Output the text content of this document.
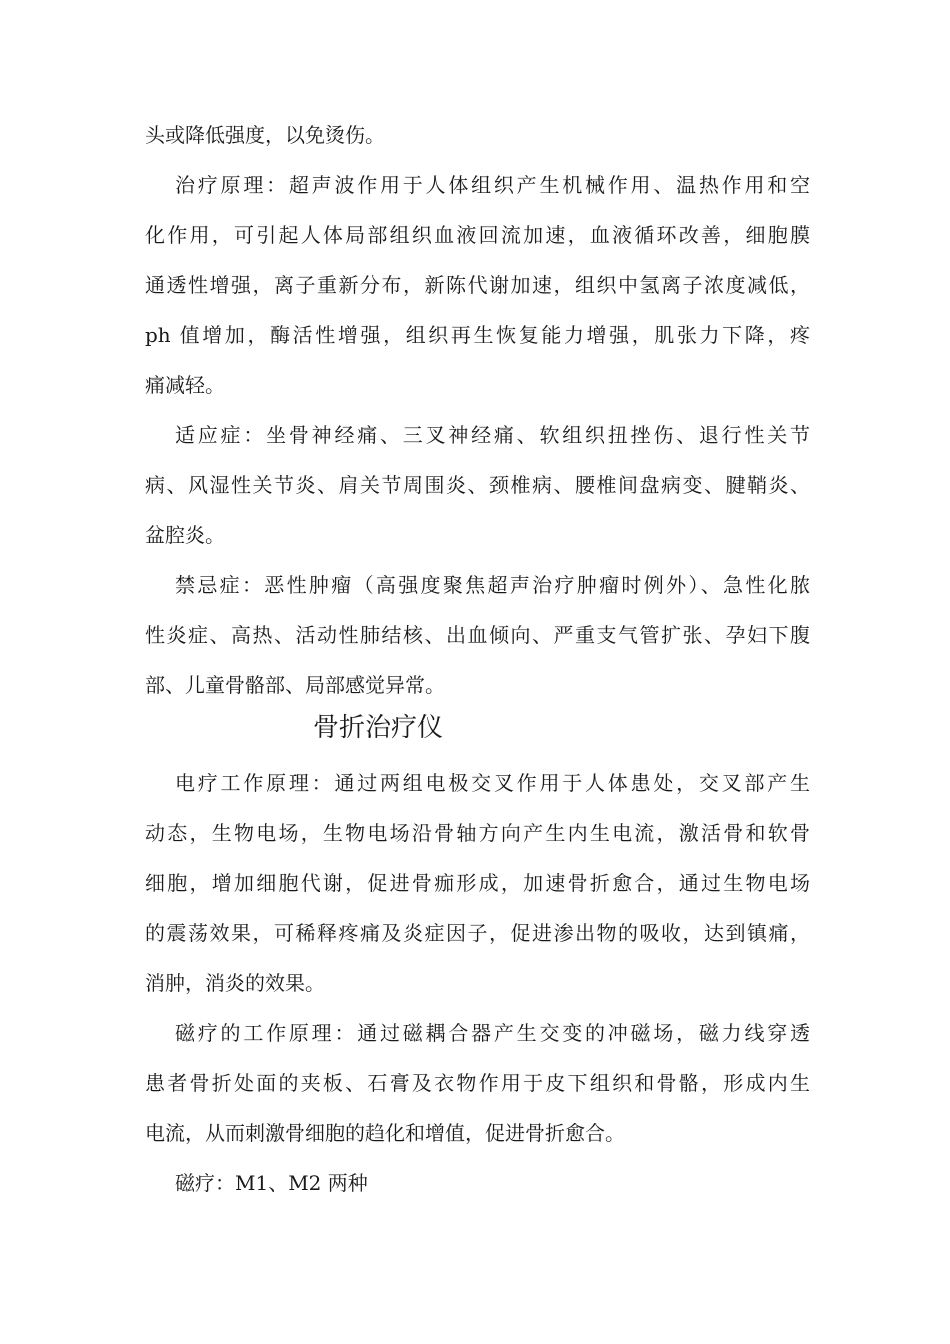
头或降低强度，以免烫伤。
治疗原理：超声波作用于人体组织产生机械作用、温热作用和空
化作用，可引起人体局部组织血液回流加速，血液循环改善，细胞膜
通透性增强，离子重新分布，新陈代谢加速，组织中氢离子浓度减低，
ph 值增加，酶活性增强，组织再生恢复能力增强，肌张力下降，疼
痛减轻。
适应症：坐骨神经痛、三叉神经痛、软组织扭挫伤、退行性关节
病、风湿性关节炎、肩关节周围炎、颈椎病、腰椎间盘病变、腱鞘炎、
盆腔炎。
禁忌症：恶性肿瘤（高强度聚焦超声治疗肿瘤时例外）、急性化脓
性炎症、高热、活动性肺结核、出血倾向、严重支气管扩张、孕妇下腹
部、儿童骨骼部、局部感觉异常。
骨折治疗仪
电疗工作原理：通过两组电极交叉作用于人体患处，交叉部产生
动态，生物电场，生物电场沿骨轴方向产生内生电流，激活骨和软骨
细胞，增加细胞代谢，促进骨痂形成，加速骨折愈合，通过生物电场
的震荡效果，可稀释疼痛及炎症因子，促进渗出物的吸收，达到镇痛，
消肿，消炎的效果。
磁疗的工作原理：通过磁耦合器产生交变的冲磁场，磁力线穿透
患者骨折处面的夹板、石膏及衣物作用于皮下组织和骨骼，形成内生
电流，从而刺激骨细胞的趋化和增值，促进骨折愈合。
磁疗：M1、M2 两种
